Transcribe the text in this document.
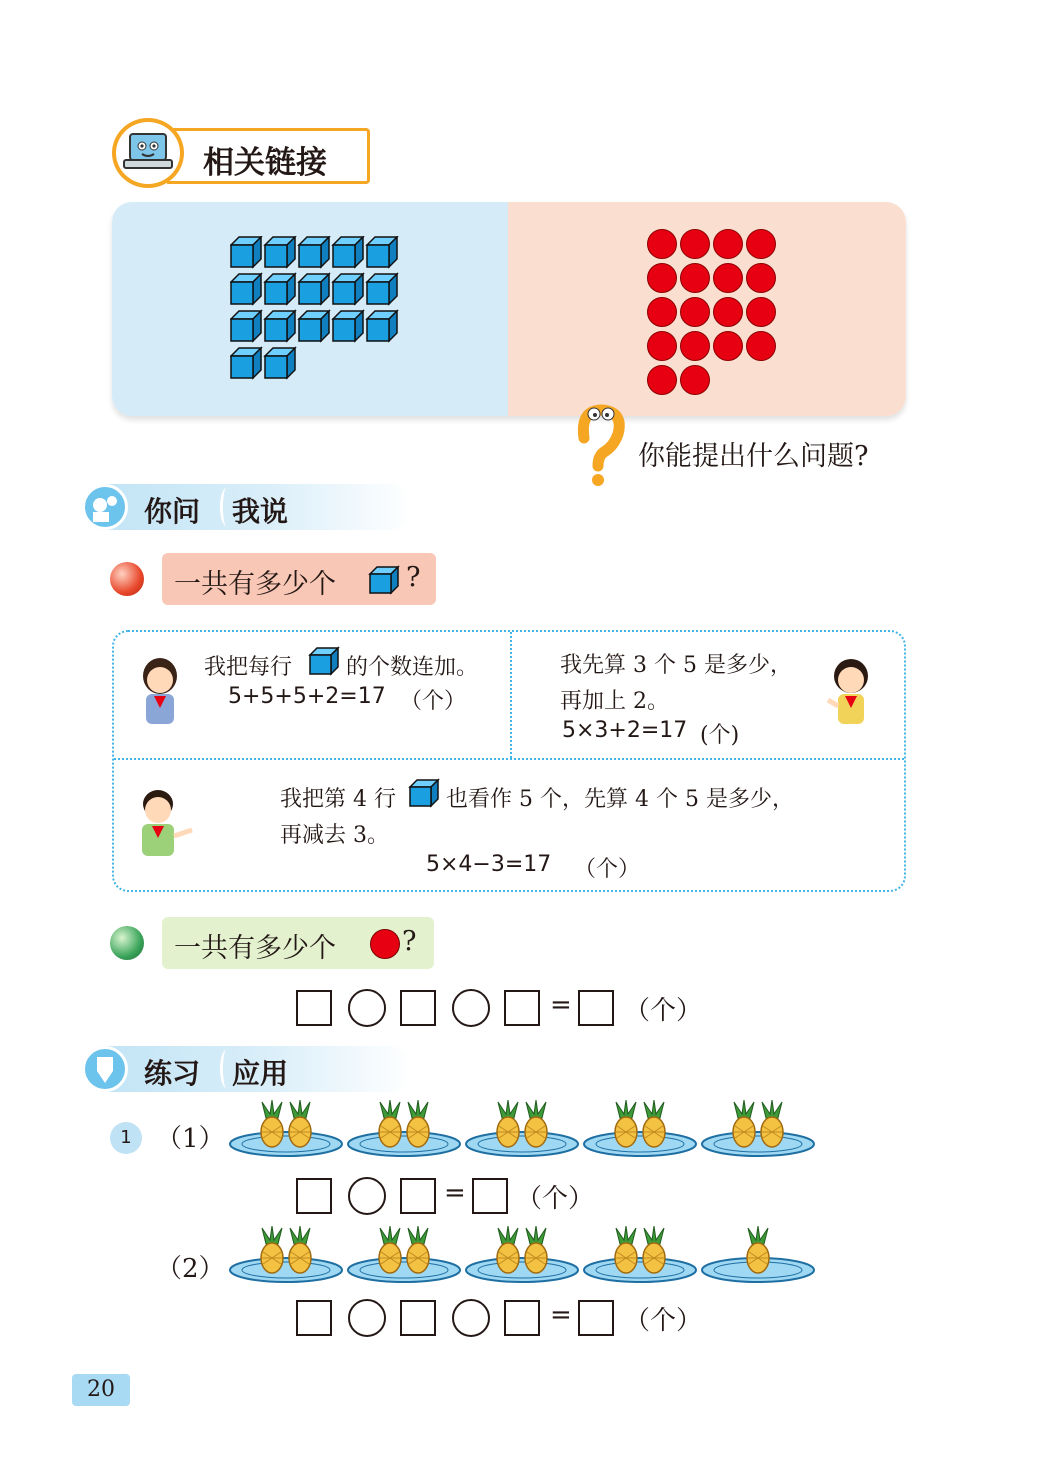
相关链接
你能提出什么问题?
你问 我说
一共有多少个	?
我把每行 的个数连加。
5+5+5+2=17 （个）
我先算 3 个 5 是多少，
再加上 2。
5×3+2=17 (个)
我把第 4 行 也看作 5 个，先算 4 个 5 是多少，
再减去 3。
5×4−3=17 （个）
一共有多少个 ?
= （个）
练习 应用
1 （1）
= （个）
（2）
= （个）
20
